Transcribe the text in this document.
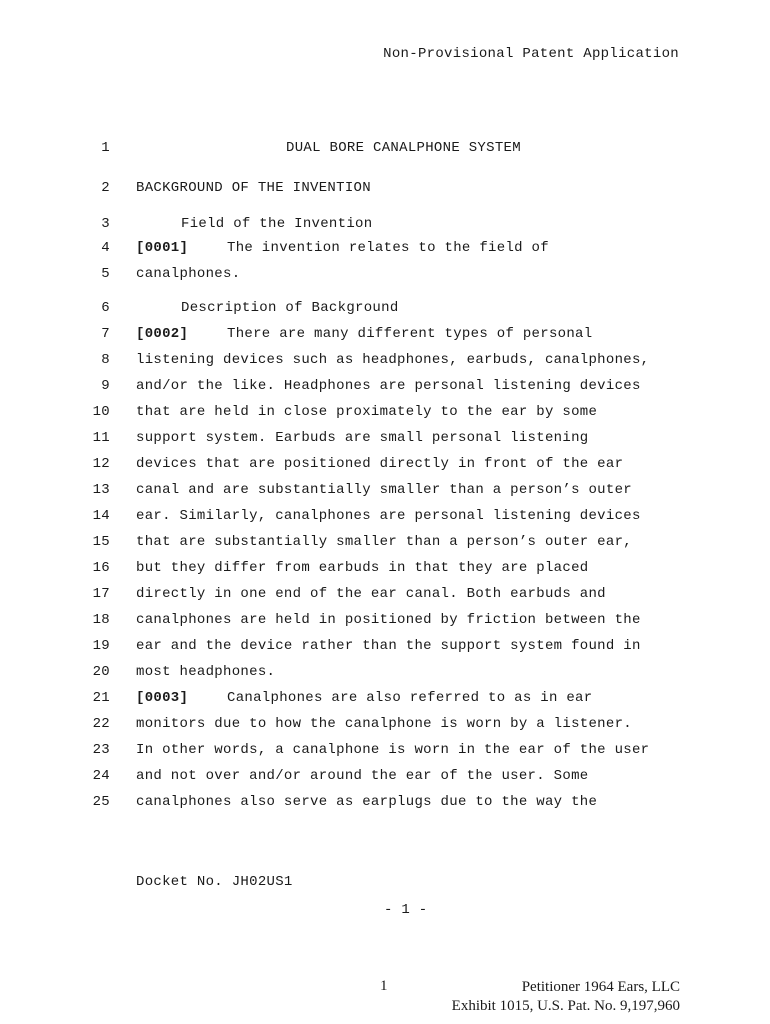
Non-Provisional Patent Application
1	DUAL BORE CANALPHONE SYSTEM
2 BACKGROUND OF THE INVENTION
3	Field of the Invention
4 [0001]	The invention relates to the field of
5 canalphones.
6	Description of Background
7 [0002]	There are many different types of personal
8 listening devices such as headphones, earbuds, canalphones,
9 and/or the like. Headphones are personal listening devices
10 that are held in close proximately to the ear by some
11 support system. Earbuds are small personal listening
12 devices that are positioned directly in front of the ear
13 canal and are substantially smaller than a person’s outer
14 ear. Similarly, canalphones are personal listening devices
15 that are substantially smaller than a person’s outer ear,
16 but they differ from earbuds in that they are placed
17 directly in one end of the ear canal. Both earbuds and
18 canalphones are held in positioned by friction between the
19 ear and the device rather than the support system found in
20 most headphones.
21 [0003]	Canalphones are also referred to as in ear
22 monitors due to how the canalphone is worn by a listener.
23 In other words, a canalphone is worn in the ear of the user
24 and not over and/or around the ear of the user. Some
25 canalphones also serve as earplugs due to the way the
Docket No. JH02US1
- 1 -
1	Petitioner 1964 Ears, LLC
Exhibit 1015, U.S. Pat. No. 9,197,960
